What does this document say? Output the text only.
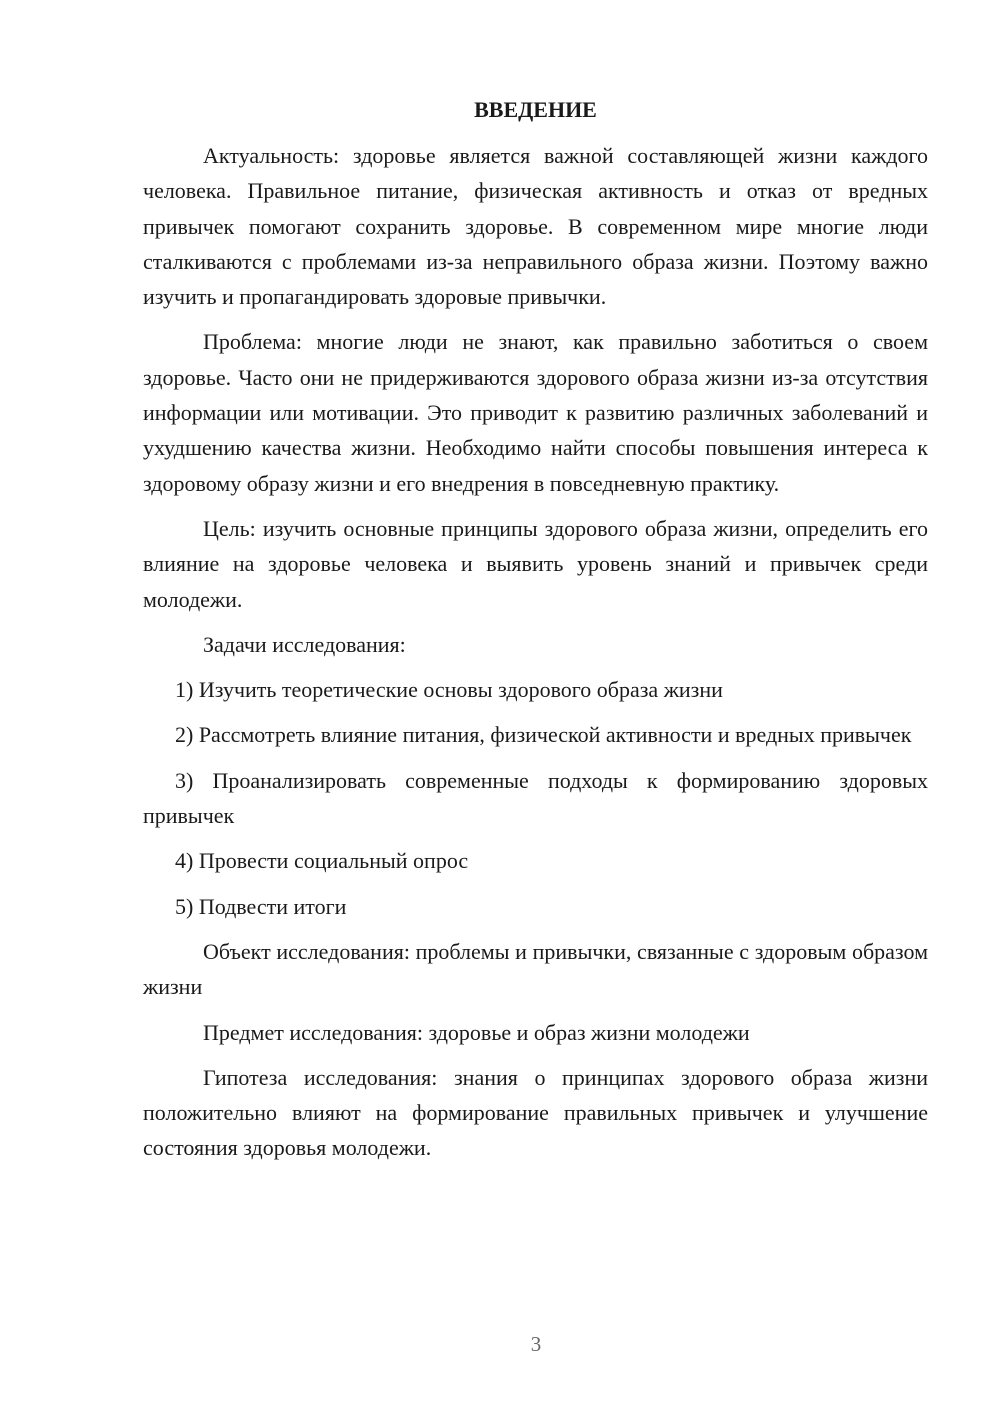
ВВЕДЕНИЕ

Актуальность: здоровье является важной составляющей жизни каждого человека. Правильное питание, физическая активность и отказ от вредных привычек помогают сохранить здоровье. В современном мире многие люди сталкиваются с проблемами из-за неправильного образа жизни. Поэтому важно изучить и пропагандировать здоровые привычки.

Проблема: многие люди не знают, как правильно заботиться о своем здоровье. Часто они не придерживаются здорового образа жизни из-за отсутствия информации или мотивации. Это приводит к развитию различных заболеваний и ухудшению качества жизни. Необходимо найти способы повышения интереса к здоровому образу жизни и его внедрения в повседневную практику.

Цель: изучить основные принципы здорового образа жизни, определить его влияние на здоровье человека и выявить уровень знаний и привычек среди молодежи.

Задачи исследования:

1) Изучить теоретические основы здорового образа жизни

2) Рассмотреть влияние питания, физической активности и вредных привычек

3) Проанализировать современные подходы к формированию здоровых привычек

4) Провести социальный опрос

5) Подвести итоги

Объект исследования: проблемы и привычки, связанные с здоровым образом жизни

Предмет исследования: здоровье и образ жизни молодежи

Гипотеза исследования: знания о принципах здорового образа жизни положительно влияют на формирование правильных привычек и улучшение состояния здоровья молодежи.

3
